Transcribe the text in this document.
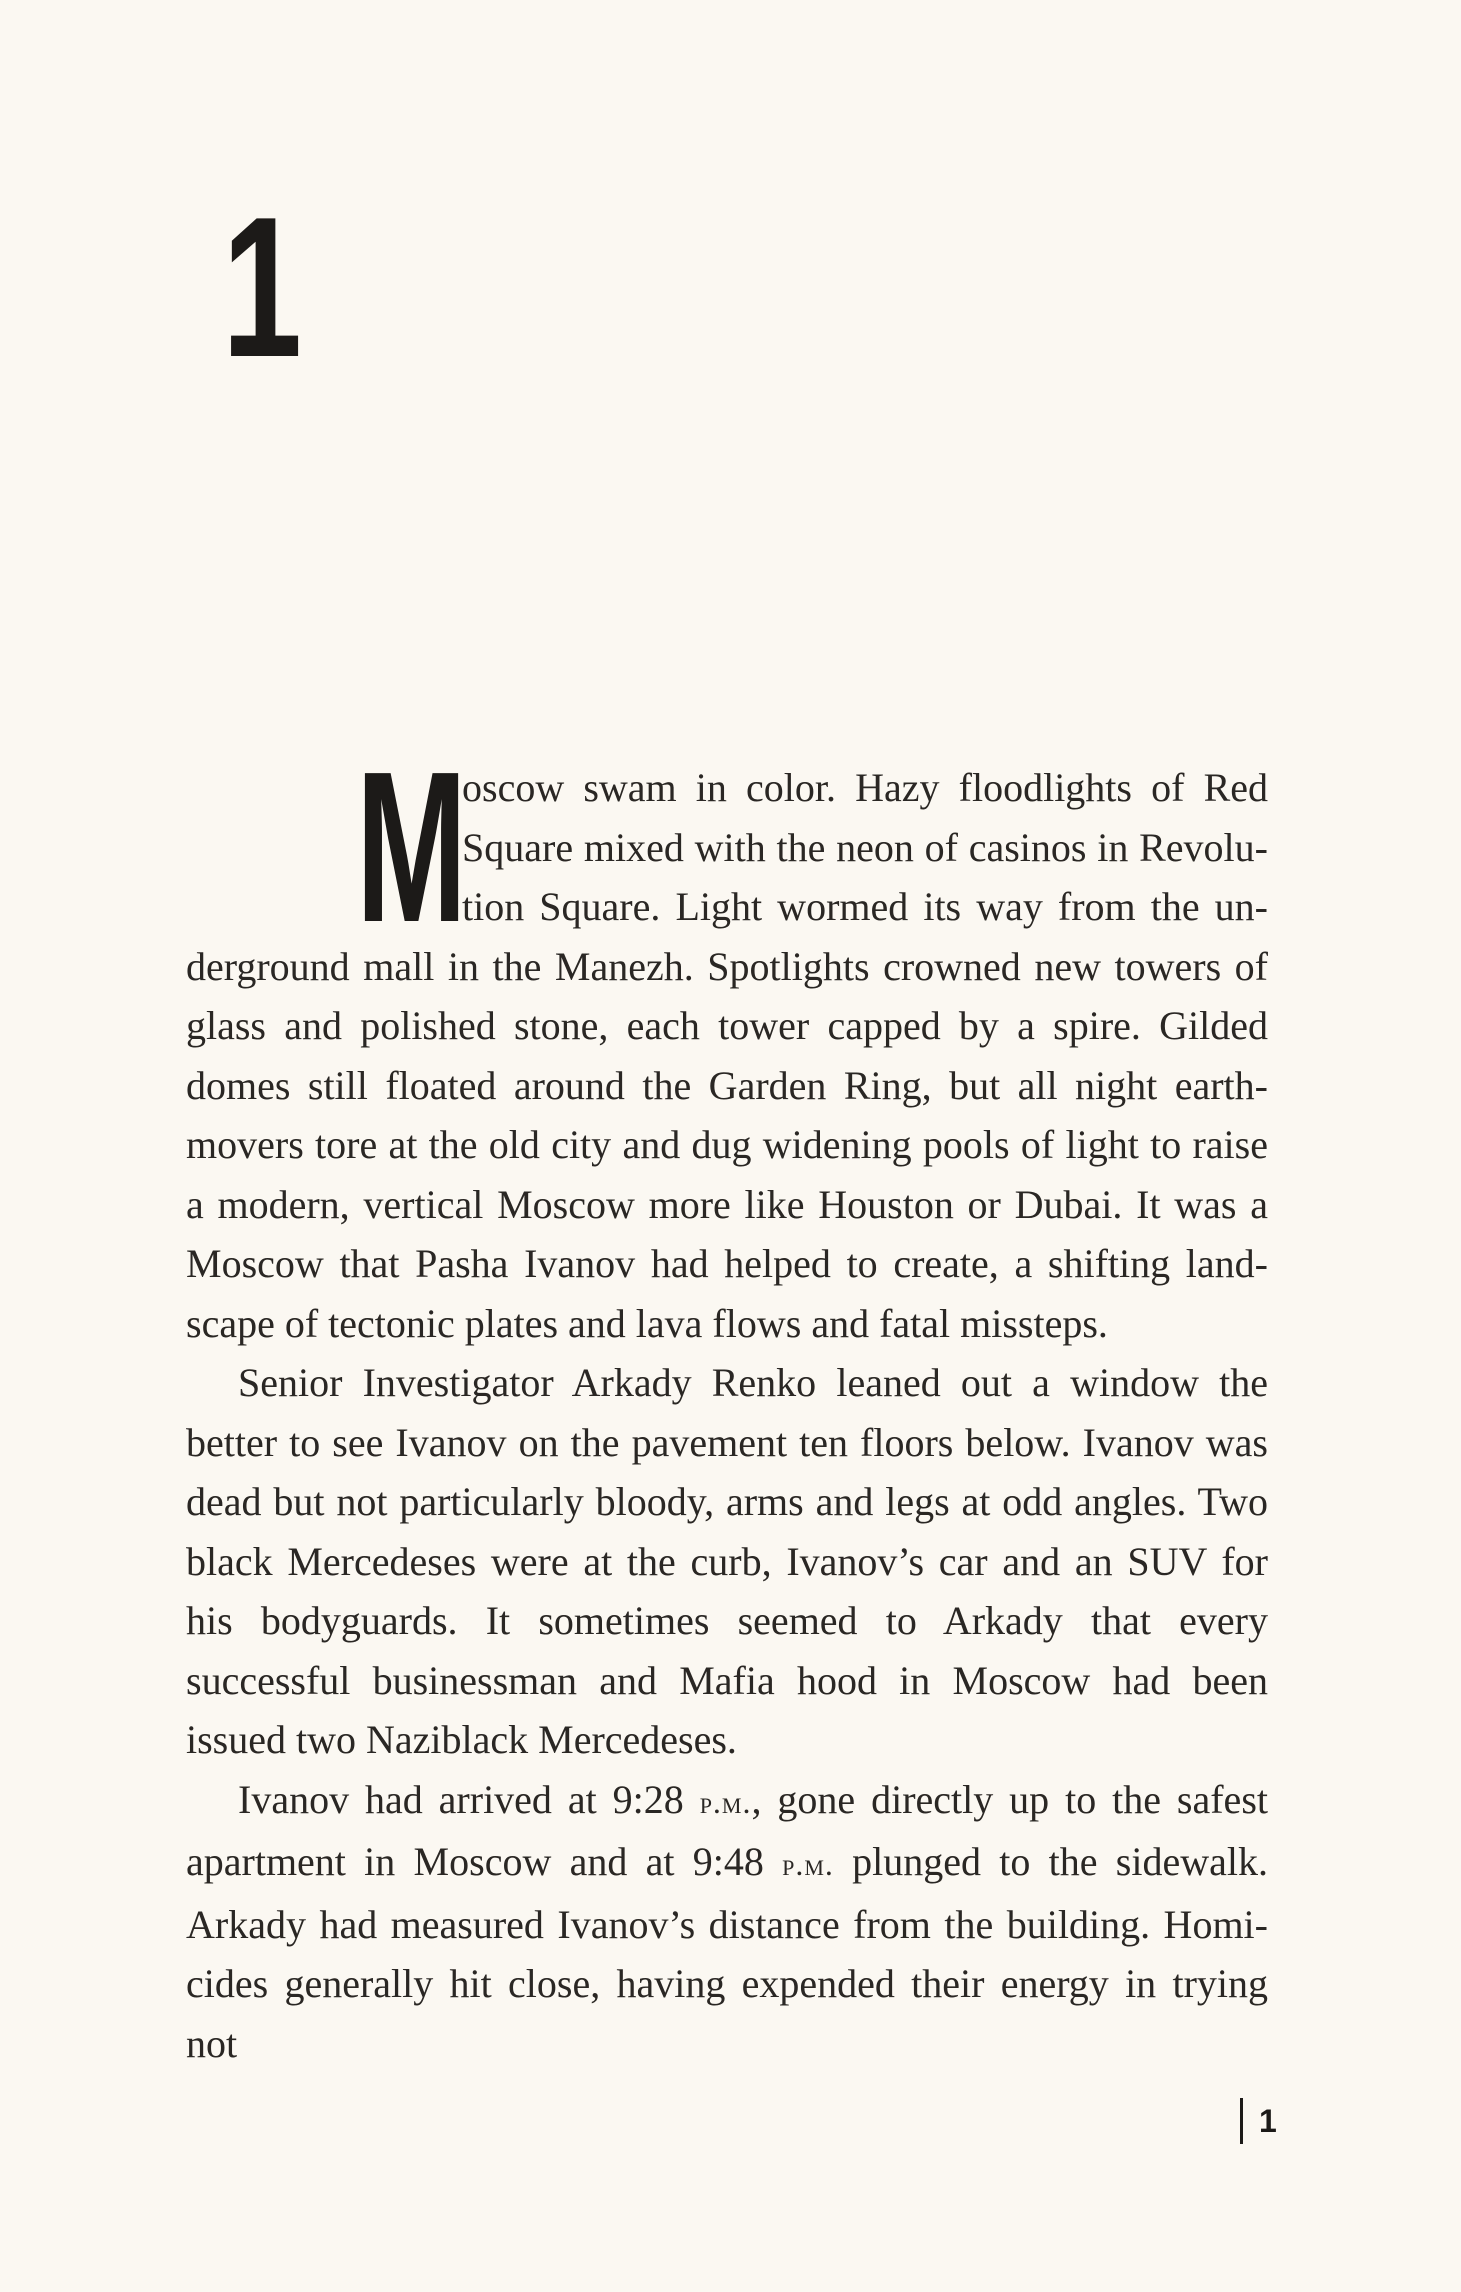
1

M
oscow swam in color. Hazy floodlights of Red Square mixed with the neon of casinos in Revolution Square. Light wormed its way from the underground mall in the Manezh. Spotlights crowned new towers of glass and polished stone, each tower capped by a spire. Gilded domes still floated around the Garden Ring, but all night earthmovers tore at the old city and dug widening pools of light to raise a modern, vertical Moscow more like Houston or Dubai. It was a Moscow that Pasha Ivanov had helped to create, a shifting landscape of tectonic plates and lava flows and fatal missteps.

Senior Investigator Arkady Renko leaned out a window the better to see Ivanov on the pavement ten floors below. Ivanov was dead but not particularly bloody, arms and legs at odd angles. Two black Mercedeses were at the curb, Ivanov’s car and an SUV for his bodyguards. It sometimes seemed to Arkady that every successful businessman and Mafia hood in Moscow had been issued two Naziblack Mercedeses.

Ivanov had arrived at 9:28 p.m., gone directly up to the safest apartment in Moscow and at 9:48 p.m. plunged to the sidewalk. Arkady had measured Ivanov’s distance from the building. Homicides generally hit close, having expended their energy in trying not

1
